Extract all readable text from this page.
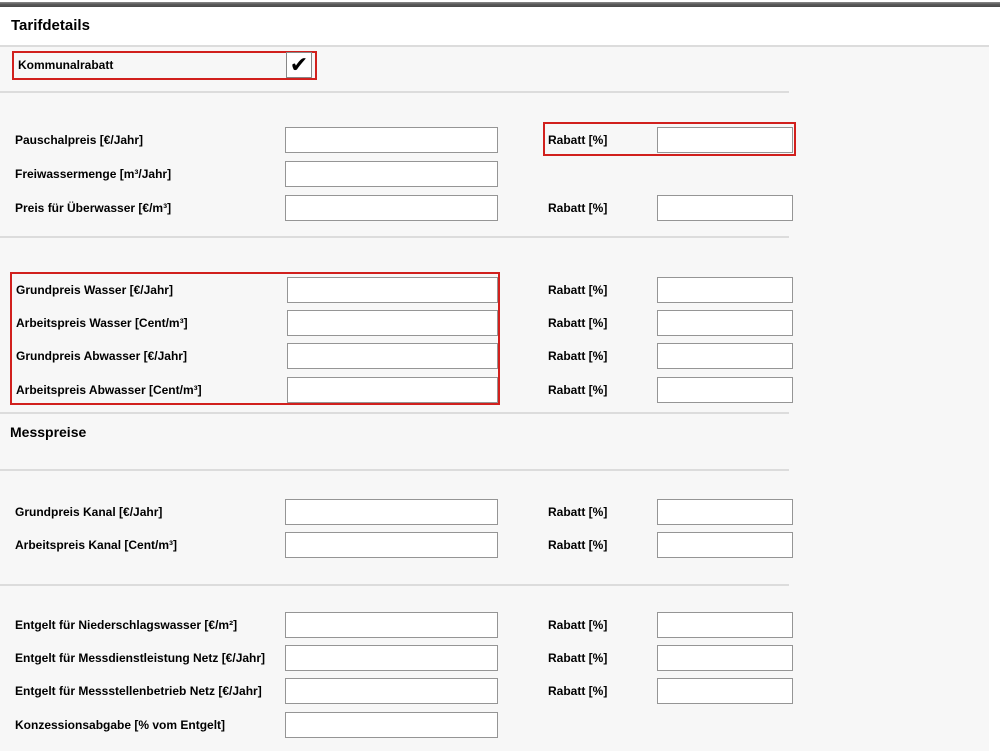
Tarifdetails
Kommunalrabatt	✔
Pauschalpreis [€/Jahr]	Rabatt [%]
Freiwassermenge [m³/Jahr]
Preis für Überwasser [€/m³]	Rabatt [%]
Grundpreis Wasser [€/Jahr]	Rabatt [%]
Arbeitspreis Wasser [Cent/m³]	Rabatt [%]
Grundpreis Abwasser [€/Jahr]	Rabatt [%]
Arbeitspreis Abwasser [Cent/m³]	Rabatt [%]
Messpreise
Grundpreis Kanal [€/Jahr]	Rabatt [%]
Arbeitspreis Kanal [Cent/m³]	Rabatt [%]
Entgelt für Niederschlagswasser [€/m²]	Rabatt [%]
Entgelt für Messdienstleistung Netz [€/Jahr]	Rabatt [%]
Entgelt für Messstellenbetrieb Netz [€/Jahr]	Rabatt [%]
Konzessionsabgabe [% vom Entgelt]
